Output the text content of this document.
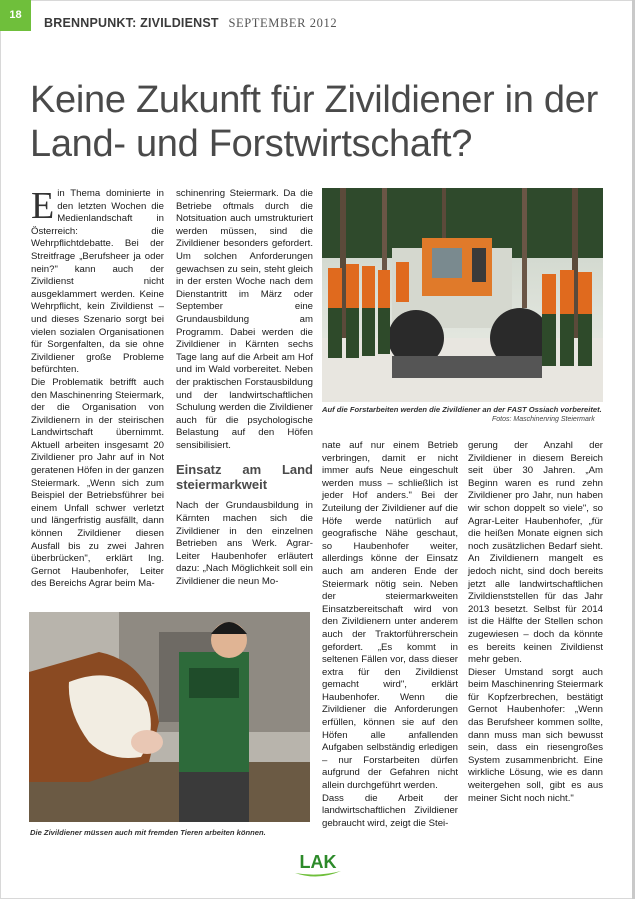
18
BRENNPUNKT: ZIVILDIENST SEPTEMBER 2012
Keine Zukunft für Zivildiener in der Land- und Forstwirtschaft?

Ein Thema dominierte in den letzten Wochen die Medienlandschaft in Österreich: die Wehrpflichtdebatte. Bei der Streitfrage „Berufsheer ja oder nein?" kann auch der Zivildienst nicht ausgeklammert werden. Keine Wehrpflicht, kein Zivildienst – und dieses Szenario sorgt bei vielen sozialen Organisationen für Sorgenfalten, da sie ohne Zivildiener große Probleme befürchten.

Die Problematik betrifft auch den Maschinenring Steiermark, der die Organisation von Zivildienern in der steirischen Landwirtschaft übernimmt. Aktuell arbeiten insgesamt 20 Zivildiener pro Jahr auf in Not geratenen Höfen in der ganzen Steiermark. „Wenn sich zum Beispiel der Betriebsführer bei einem Unfall schwer verletzt und längerfristig ausfällt, dann können Zivildiener diesen Ausfall bis zu zwei Jahren überbrücken", erklärt Ing. Gernot Haubenhofer, Leiter des Bereichs Agrar beim Ma-

schinenring Steiermark. Da die Betriebe oftmals durch die Notsituation auch umstrukturiert werden müssen, sind die Zivildiener besonders gefordert. Um solchen Anforderungen gewachsen zu sein, steht gleich in der ersten Woche nach dem Dienstantritt im März oder September eine Grundausbildung am Programm. Dabei werden die Zivildiener in Kärnten sechs Tage lang auf die Arbeit am Hof und im Wald vorbereitet. Neben der praktischen Forstausbildung und der landwirtschaftlichen Schulung werden die Zivildiener auch für die psychologische Belastung auf den Höfen sensibilisiert.

Einsatz am Land steiermarkweit

Nach der Grundausbildung in Kärnten machen sich die Zivildiener in den einzelnen Betrieben ans Werk. Agrar-Leiter Haubenhofer erläutert dazu: „Nach Möglichkeit soll ein Zivildiener die neun Mo-

Auf die Forstarbeiten werden die Zivildiener an der FAST Ossiach vorbereitet.
Fotos: Maschinenring Steiermark

nate auf nur einem Betrieb verbringen, damit er nicht immer aufs Neue eingeschult werden muss – schließlich ist jeder Hof anders." Bei der Zuteilung der Zivildiener auf die Höfe werde natürlich auf geografische Nähe geschaut, so Haubenhofer weiter, allerdings könne der Einsatz auch am anderen Ende der Steiermark nötig sein. Neben der steiermarkweiten Einsatzbereitschaft wird von den Zivildienern unter anderem auch der Traktorführerschein gefordert. „Es kommt in seltenen Fällen vor, dass dieser extra für den Zivildienst gemacht wird", erklärt Haubenhofer. Wenn die Zivildiener die Anforderungen erfüllen, können sie auf den Höfen alle anfallenden Aufgaben selbständig erledigen – nur Forstarbeiten dürfen aufgrund der Gefahren nicht allein durchgeführt werden.

Dass die Arbeit der landwirtschaftlichen Zivildiener gebraucht wird, zeigt die Stei-

gerung der Anzahl der Zivildiener in diesem Bereich seit über 30 Jahren. „Am Beginn waren es rund zehn Zivildiener pro Jahr, nun haben wir schon doppelt so viele", so Agrar-Leiter Haubenhofer, „für die heißen Monate eignen sich noch zusätzlichen Bedarf sieht. An Zivildienern mangelt es jedoch nicht, sind doch bereits jetzt alle landwirtschaftlichen Zivildienststellen für das Jahr 2013 besetzt. Selbst für 2014 ist die Hälfte der Stellen schon zugewiesen – doch da könnte es bereits keinen Zivildienst mehr geben.

Dieser Umstand sorgt auch beim Maschinenring Steiermark für Kopfzerbrechen, bestätigt Gernot Haubenhofer: „Wenn das Berufsheer kommen sollte, dann muss man sich bewusst sein, dass ein riesengroßes System zusammenbricht. Eine wirkliche Lösung, wie es dann weitergehen soll, gibt es aus meiner Sicht noch nicht."

Die Zivildiener müssen auch mit fremden Tieren arbeiten können.
LAK
